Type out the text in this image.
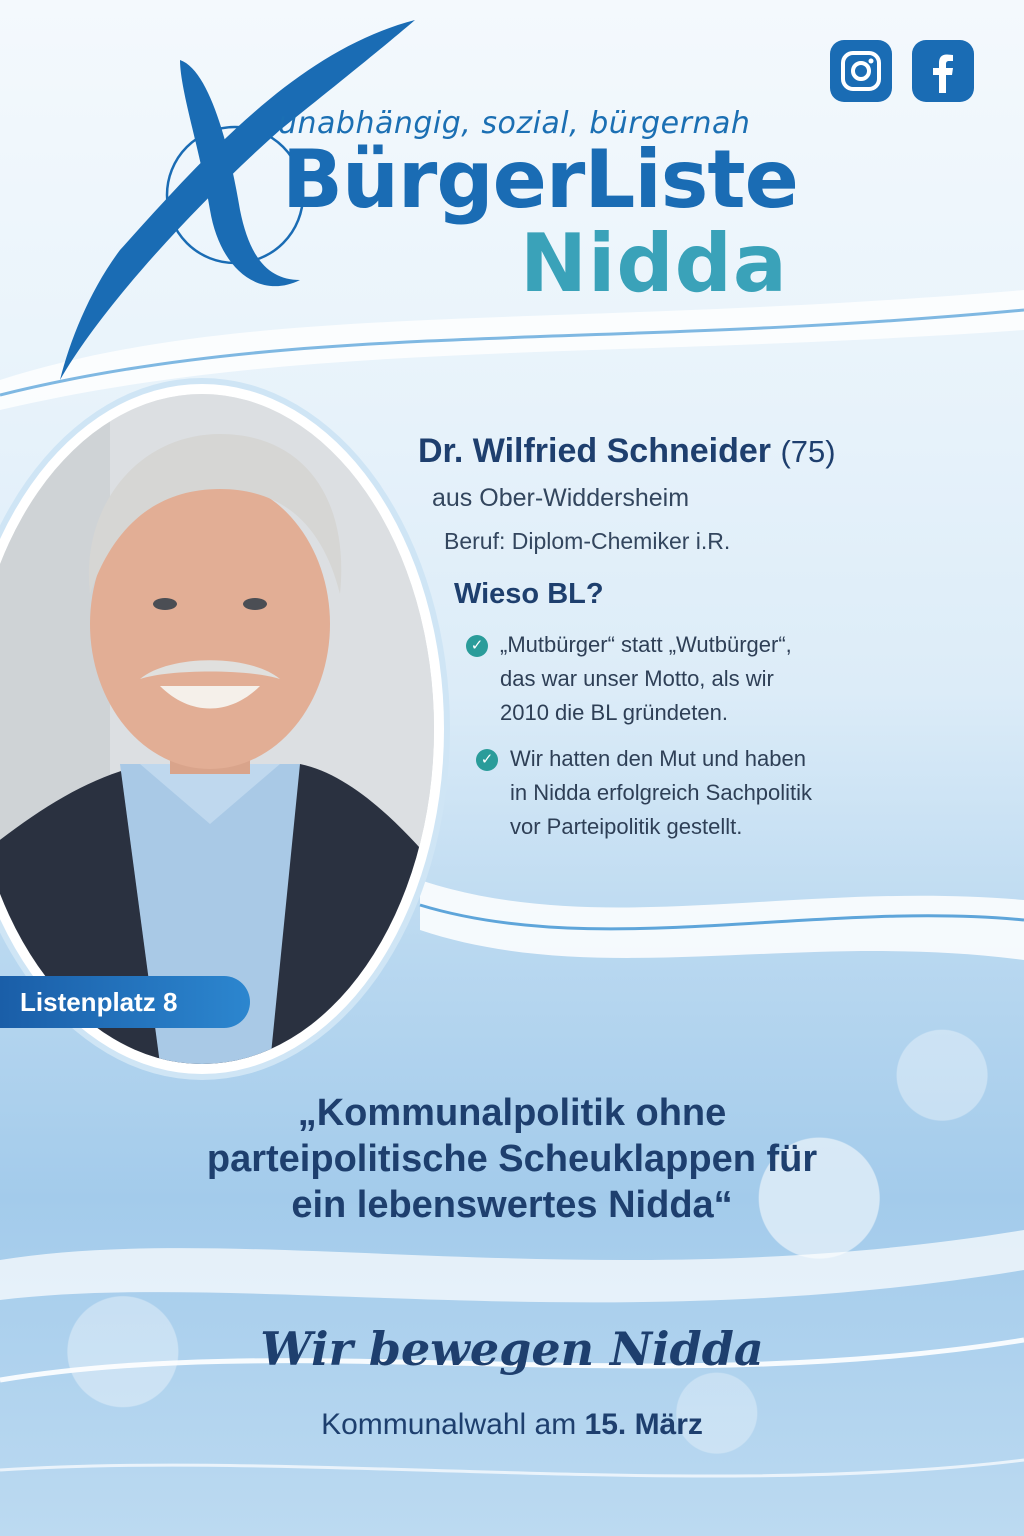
unabhängig, sozial, bürgernah
BürgerListe
Nidda
Listenplatz 8
Dr. Wilfried Schneider (75)
aus Ober-Widdersheim
Beruf: Diplom-Chemiker i.R.
Wieso BL?
✓ „Mutbürger“ statt „Wutbürger“,
das war unser Motto, als wir
2010 die BL gründeten.
✓ Wir hatten den Mut und haben
in Nidda erfolgreich Sachpolitik
vor Parteipolitik gestellt.
„Kommunalpolitik ohne
parteipolitische Scheuklappen für
ein lebenswertes Nidda“
Wir bewegen Nidda
Kommunalwahl am 15. März
